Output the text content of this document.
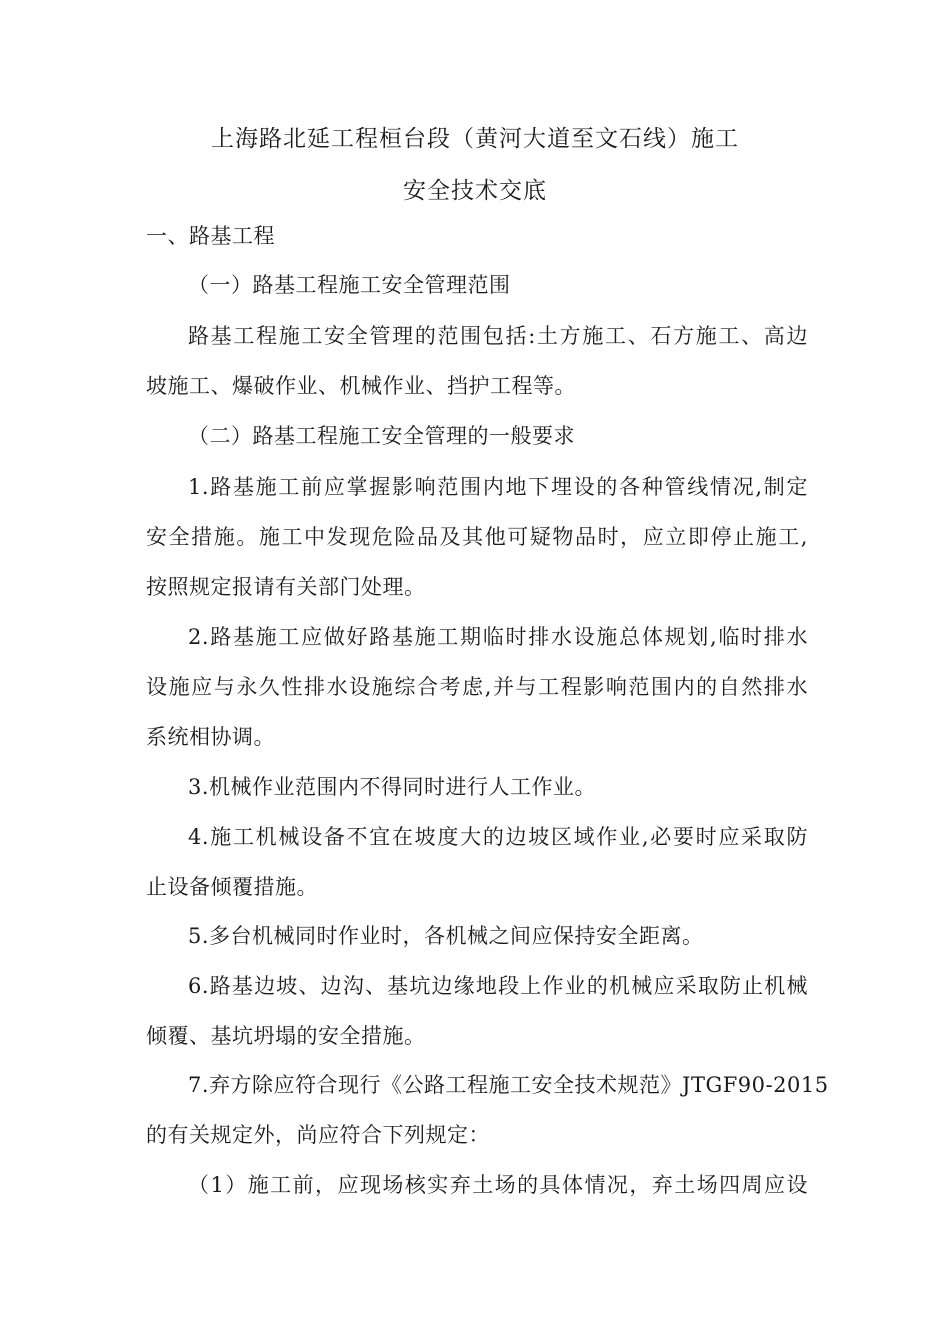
上海路北延工程桓台段（黄河大道至文石线）施工
安全技术交底
一、路基工程
（一）路基工程施工安全管理范围
路基工程施工安全管理的范围包括:土方施工、石方施工、高边
坡施工、爆破作业、机械作业、挡护工程等。
（二）路基工程施工安全管理的一般要求
1.路基施工前应掌握影响范围内地下埋设的各种管线情况,制定
安全措施。施工中发现危险品及其他可疑物品时，应立即停止施工,
按照规定报请有关部门处理。
2.路基施工应做好路基施工期临时排水设施总体规划,临时排水
设施应与永久性排水设施综合考虑,并与工程影响范围内的自然排水
系统相协调。
3.机械作业范围内不得同时进行人工作业。
4.施工机械设备不宜在坡度大的边坡区域作业,必要时应采取防
止设备倾覆措施。
5.多台机械同时作业时，各机械之间应保持安全距离。
6.路基边坡、边沟、基坑边缘地段上作业的机械应采取防止机械
倾覆、基坑坍塌的安全措施。
7.弃方除应符合现行《公路工程施工安全技术规范》JTGF90-2015
的有关规定外，尚应符合下列规定：
（1）施工前，应现场核实弃土场的具体情况，弃土场四周应设
